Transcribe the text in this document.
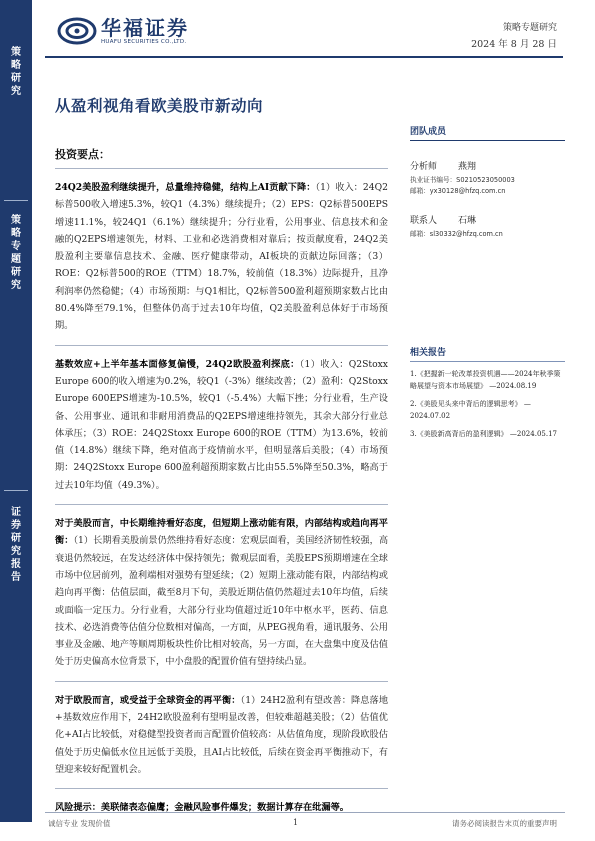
策略研究
策略专题研究
证券研究报告
华福证券
HUAFU SECURITIES CO.,LTD.
策略专题研究
2024 年 8 月 28 日
从盈利视角看欧美股市新动向
投资要点：
24Q2美股盈利继续提升，总量维持稳健，结构上AI贡献下降：（1）收入：24Q2标普500收入增速5.3%，较Q1（4.3%）继续提升；（2）EPS：Q2标普500EPS增速11.1%，较24Q1（6.1%）继续提升；分行业看，公用事业、信息技术和金融的Q2EPS增速领先，材料、工业和必选消费相对靠后；按贡献度看，24Q2美股盈利主要靠信息技术、金融、医疗健康带动，AI板块的贡献边际回落；（3）ROE：Q2标普500的ROE（TTM）18.7%，较前值（18.3%）边际提升，且净利润率仍然稳健；（4）市场预期：与Q1相比，Q2标普500盈利超预期家数占比由80.4%降至79.1%，但整体仍高于过去10年均值，Q2美股盈利总体好于市场预期。
基数效应+上半年基本面修复偏慢，24Q2欧股盈利探底：（1）收入：Q2Stoxx Europe 600的收入增速为0.2%，较Q1（-3%）继续改善；（2）盈利：Q2Stoxx Europe 600EPS增速为-10.5%，较Q1（-5.4%）大幅下挫；分行业看，生产设备、公用事业、通讯和非耐用消费品的Q2EPS增速维持领先，其余大部分行业总体承压；（3）ROE：24Q2Stoxx Europe 600的ROE（TTM）为13.6%，较前值（14.8%）继续下降，绝对值高于疫情前水平，但明显落后美股；（4）市场预期：24Q2Stoxx Europe 600盈利超预期家数占比由55.5%降至50.3%，略高于过去10年均值（49.3%）。
对于美股而言，中长期维持看好态度，但短期上涨动能有限，内部结构或趋向再平衡：（1）长期看美股前景仍然维持看好态度：宏观层面看，美国经济韧性较强，高衰退仍然较远，在发达经济体中保持领先；微观层面看，美股EPS预期增速在全球市场中位居前列，盈利端相对强势有望延续；（2）短期上涨动能有限，内部结构或趋向再平衡：估值层面，截至8月下旬，美股近期估值仍然超过去10年均值，后续或面临一定压力。分行业看，大部分行业均值超过近10年中枢水平，医药、信息技术、必选消费等估值分位数相对偏高，一方面，从PEG视角看，通讯服务、公用事业及金融、地产等顺周期板块性价比相对较高，另一方面，在大盘集中度及估值处于历史偏高水位背景下，中小盘股的配置价值有望持续凸显。
对于欧股而言，或受益于全球资金的再平衡：（1）24H2盈利有望改善：降息落地+基数效应作用下，24H2欧股盈利有望明显改善，但较难超越美股；（2）估值优化+AI占比较低，对稳健型投资者而言配置价值较高：从估值角度，现阶段欧股估值处于历史偏低水位且远低于美股，且AI占比较低，后续在资金再平衡推动下，有望迎来较好配置机会。
风险提示：美联储表态偏鹰；金融风险事件爆发；数据计算存在纰漏等。
团队成员
分析师	燕翔
执业证书编号：S0210523050003
邮箱：yx30128@hfzq.com.cn
联系人	石琳
邮箱：sl30332@hfzq.com.cn
相关报告
1.《把握新一轮改革投资机遇——2024年秋季策略展望与资本市场展望》 —2024.08.19
2.《美股见头来中背后的逻辑思考》 —2024.07.02
3.《美股新高背后的盈利逻辑》 —2024.05.17
诚信专业 发现价值	1	请务必阅读报告末页的重要声明
